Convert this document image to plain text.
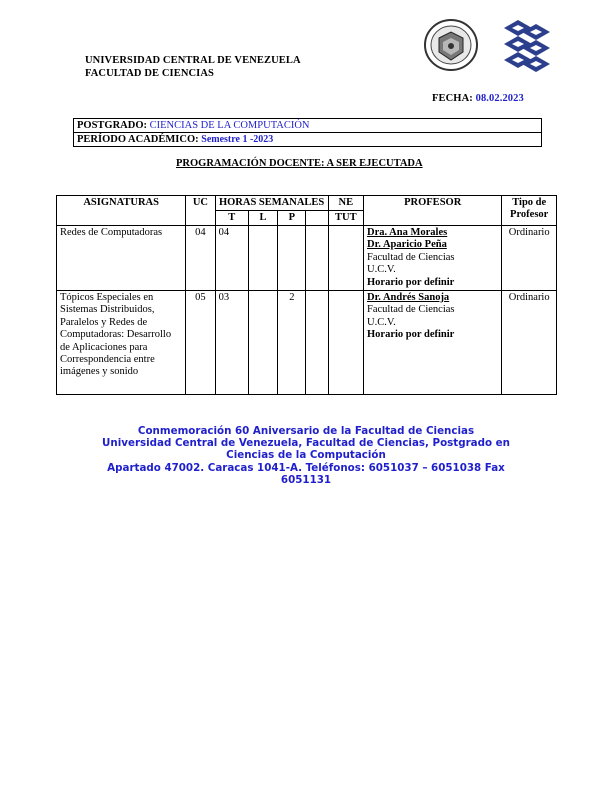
UNIVERSIDAD CENTRAL DE VENEZUELA
FACULTAD DE CIENCIAS
FECHA: 08.02.2023
POSTGRADO: CIENCIAS DE LA COMPUTACIÓN
PERÍODO ACADÉMICO: Semestre 1 -2023
PROGRAMACIÓN DOCENTE: A SER EJECUTADA
ASIGNATURAS	UC	HORAS SEMANALES				NE	PROFESOR	Tipo de Profesor
		T	L	P		TUT		
Redes de Computadoras	04	04					Dra. Ana Morales
Dr. Aparicio Peña
Facultad de Ciencias
U.C.V.
Horario por definir	Ordinario
Tópicos Especiales en Sistemas Distribuidos, Paralelos y Redes de Computadoras: Desarrollo de Aplicaciones para Correspondencia entre imágenes y sonido	05	03		2			Dr. Andrés Sanoja
Facultad de Ciencias
U.C.V.
Horario por definir	Ordinario
Conmemoración 60 Aniversario de la Facultad de Ciencias
Universidad Central de Venezuela, Facultad de Ciencias, Postgrado en Ciencias de la Computación
Apartado 47002. Caracas 1041-A. Teléfonos: 6051037 – 6051038 Fax 6051131
